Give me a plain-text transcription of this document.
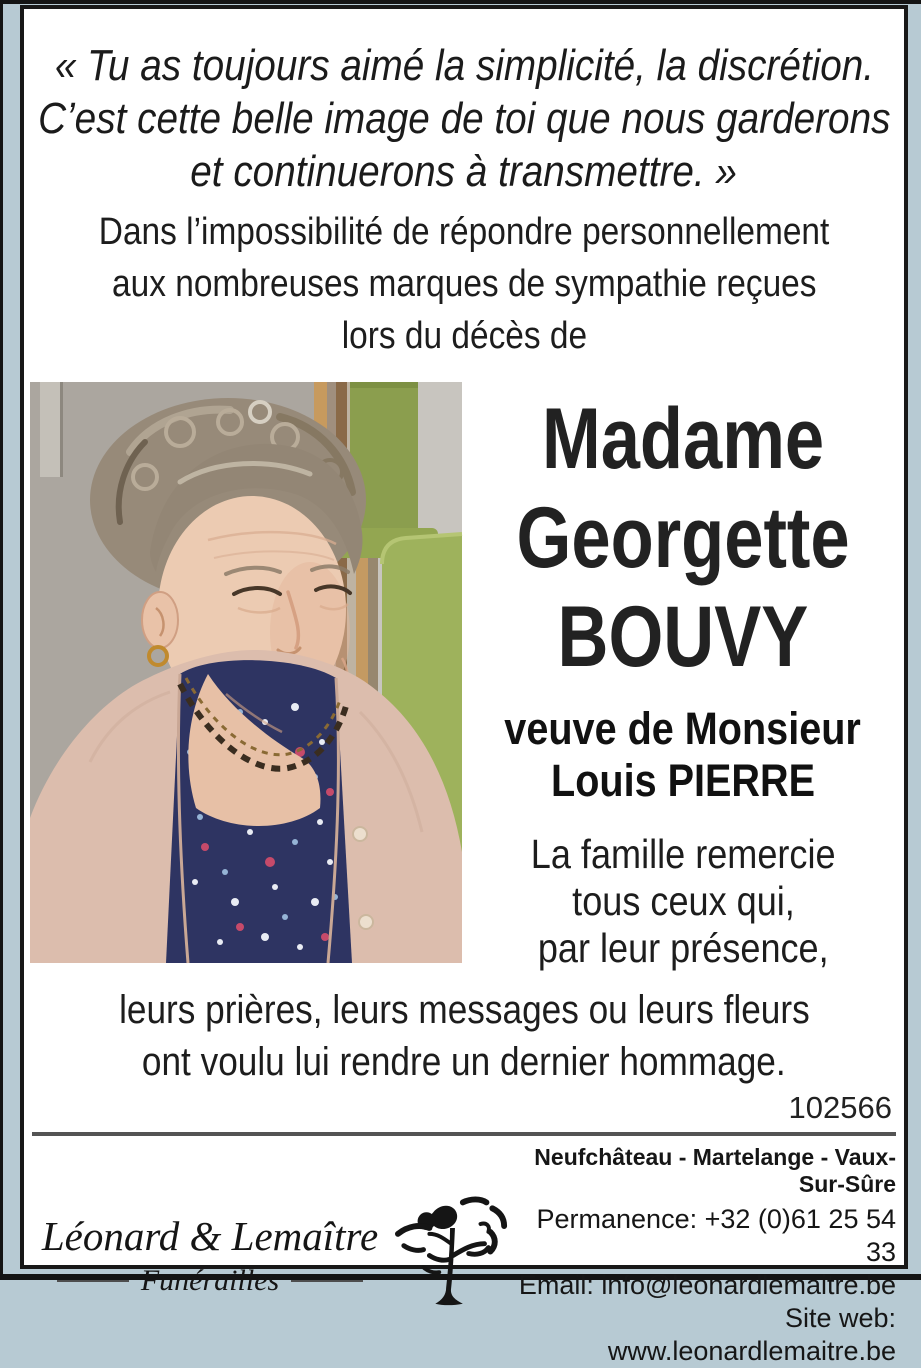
« Tu as toujours aimé la simplicité, la discrétion.
C’est cette belle image de toi que nous garderons
et continuerons à transmettre. »
Dans l’impossibilité de répondre personnellement
aux nombreuses marques de sympathie reçues
lors du décès de
Madame
Georgette
BOUVY
veuve de Monsieur
Louis PIERRE
La famille remercie
tous ceux qui,
par leur présence,
leurs prières, leurs messages ou leurs fleurs
ont voulu lui rendre un dernier hommage.
102566
Léonard & Lemaître
Funérailles
Neufchâteau - Martelange - Vaux-Sur-Sûre
Permanence: +32 (0)61 25 54 33
Email: info@leonardlemaitre.be
Site web: www.leonardlemaitre.be
